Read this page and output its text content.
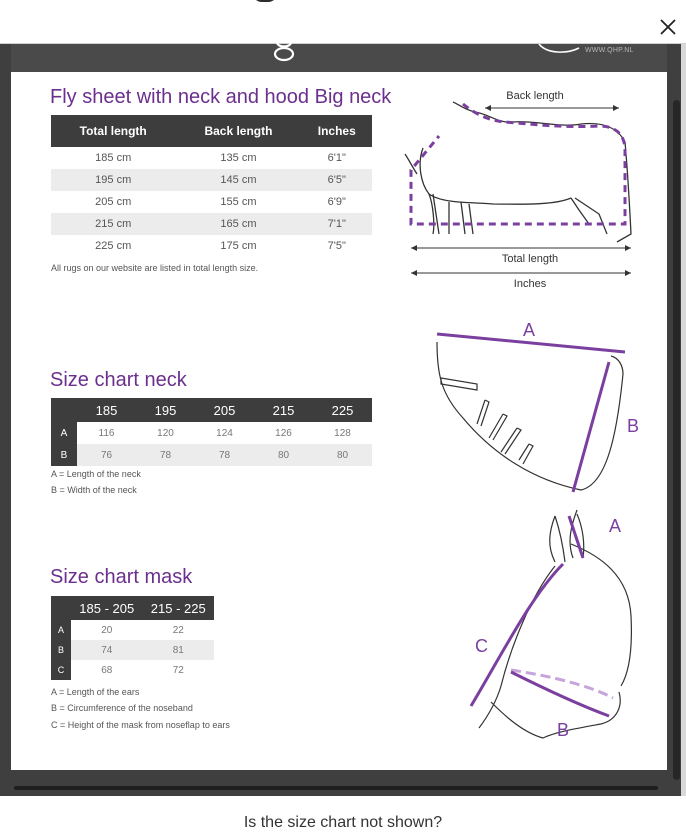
WWW.QHP.NL
Fly sheet with neck and hood Big neck
Total length	Back length	Inches
185 cm	135 cm	6'1"
195 cm	145 cm	6'5"
205 cm	155 cm	6'9"
215 cm	165 cm	7'1"
225 cm	175 cm	7'5"
All rugs on our website are listed in total length size.
Back length
Total length
Inches
Size chart neck
	185	195	205	215	225
A	116	120	124	126	128
B	76	78	78	80	80
A = Length of the neck
B = Width of the neck
A
B
Size chart mask
	185 - 205	215 - 225
A	20	22
B	74	81
C	68	72
A = Length of the ears
B = Circumference of the noseband
C = Height of the mask from noseflap to ears
A
C
B
Is the size chart not shown?
